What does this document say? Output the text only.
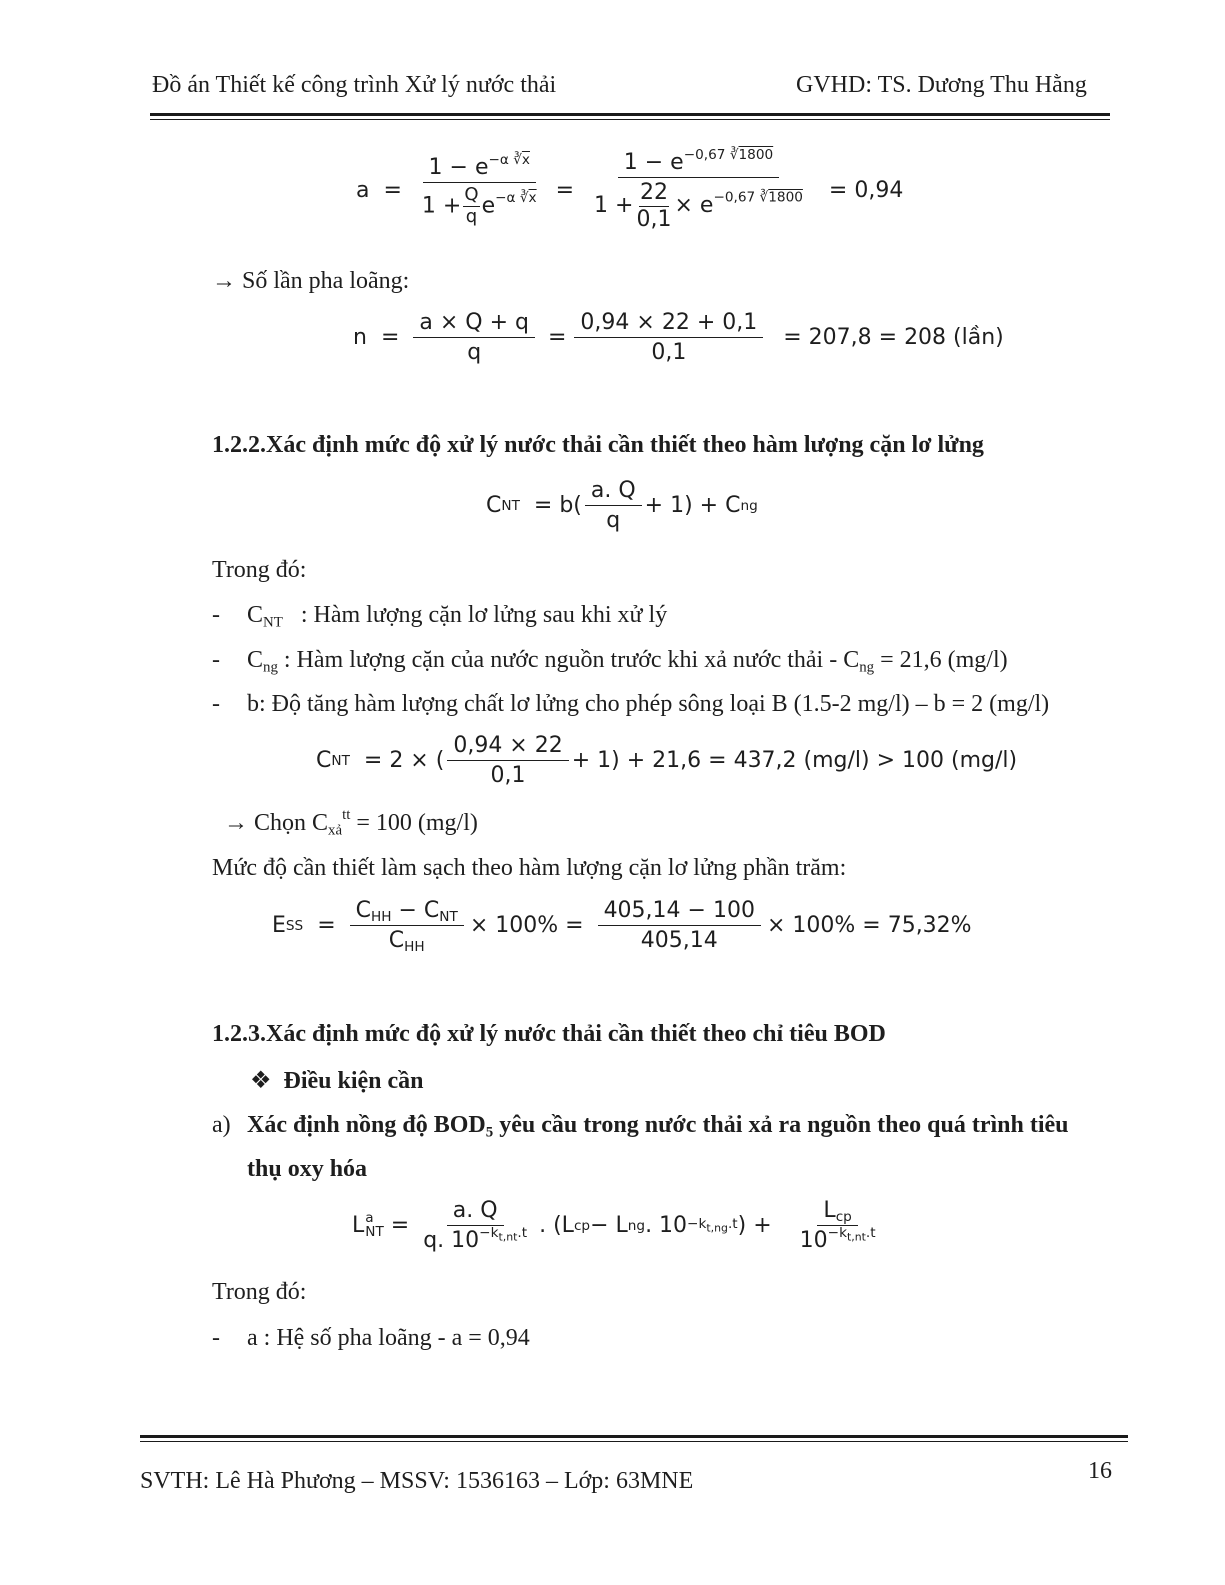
Đồ án Thiết kế công trình Xử lý nước thải	GVHD: TS. Dương Thu Hằng
a
= $\frac{1 - e^{-\alpha ∛\overline{x}}}{1 + \frac{Q}{q} e^{-\alpha ∛\overline{x}}}$
= $\frac{1 - e^{-0,67 ∛1800}}{1 + \frac{22}{0,1} \times e^{-0,67 ∛1800}}$
= 0,94
→ Số lần pha loãng:
$n = \frac{a \times Q + q}{q} = \frac{0,94 \times 22 + 0,1}{0,1}$
= 207,8 = 208 (lần)
1.2.2.Xác định mức độ xử lý nước thải cần thiết theo hàm lượng cặn lơ lửng
C NT
= $b( \frac{a. Q}{q} + 1) + C$ ng
Trong đó:
- $C_{NT}$   : Hàm lượng cặn lơ lửng sau khi xử lý
- $C_{ng}$ : Hàm lượng cặn của nước nguồn trước khi xả nước thải - $C_{ng} = 21,6$ (mg/l)
- b: Độ tăng hàm lượng chất lơ lửng cho phép sông loại B (1.5-2 mg/l) – b = 2 (mg/l)
C NT
= 2 × ( $\frac{0,94 \times 22}{0,1} + 1) + 21,6 = 437,2$ (mg/l) > 100 (mg/l)
→ Chọn $C_{xả}^{tt} = 100$ (mg/l)
Mức độ cần thiết làm sạch theo hàm lượng cặn lơ lửng phần trăm:
E SS = $\frac{C_{HH} - C_{NT}}{C_{HH}} \times 100\% = \frac{405,14 - 100}{405,14} \times 100\% = 75,32\%$
1.2.3.Xác định mức độ xử lý nước thải cần thiết theo chỉ tiêu BOD
❖ Điều kiện cần
a) Xác định nồng độ $BOD_5$ yêu cầu trong nước thải xả ra nguồn theo quá trình tiêu
thụ oxy hóa
L a
NT = $\frac{a. Q}{q. 10^{-k_{t,nt}.t}}$ . (L cp − L ng . $10 -k_{t,ng}.t$ ) + $\frac{L_{cp}}{10^{-k_{t,nt}.t}}$
Trong đó:
- a : Hệ số pha loãng - a = 0,94
SVTH: Lê Hà Phương – MSSV: 1536163 – Lớp: 63MNE	16
